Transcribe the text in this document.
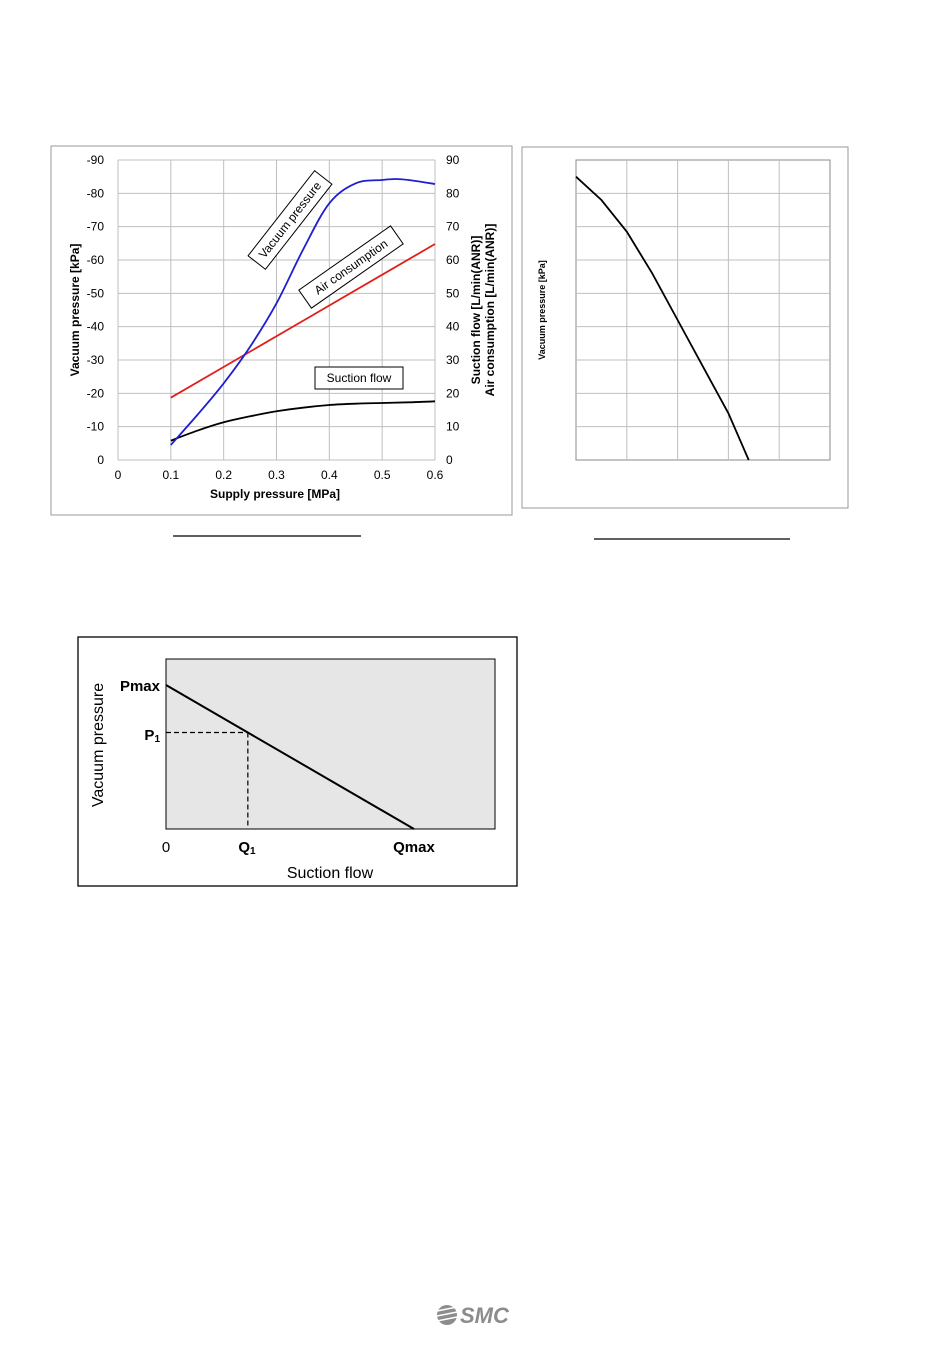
0
-10
-20
-30
-40
-50
-60
-70
-80
-90
0
10
20
30
40
50
60
70
80
90
0	0.1	0.2	0.3	0.4	0.5	0.6
Supply pressure [MPa]
Vacuum pressure [kPa]	Suction flow [L/min(ANR)] Air consumption [L/min(ANR)]
Vacuum pressure
Air consumption
Suction flow
Vacuum pressure [kPa]
Pmax
P1
0	Q1	Qmax
Suction flow
Vacuum pressure
SMC
